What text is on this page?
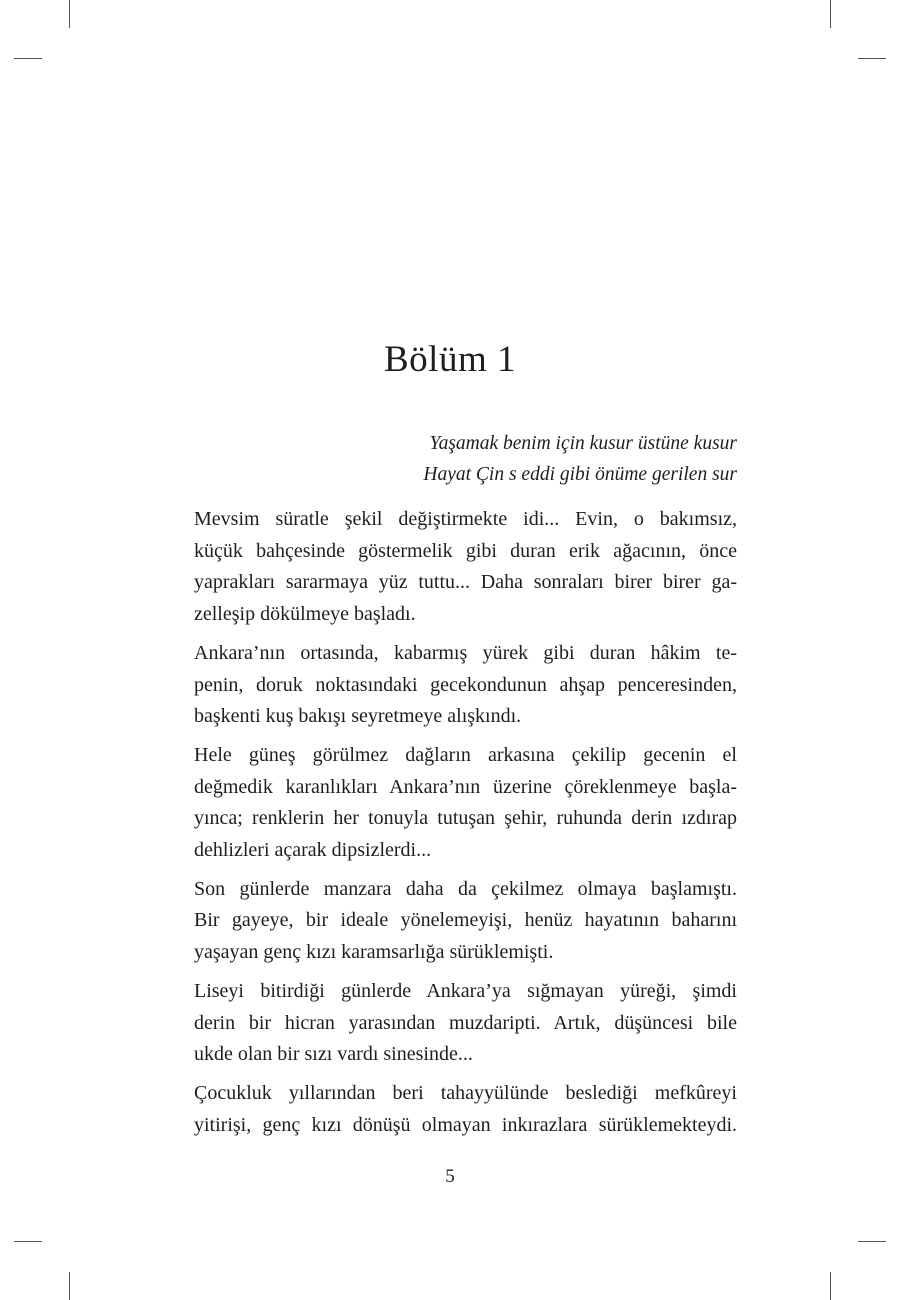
Bölüm 1
Yaşamak benim için kusur üstüne kusur
Hayat Çin s eddi gibi önüme gerilen sur

Mevsim süratle şekil değiştirmekte idi... Evin, o bakımsız,
küçük bahçesinde göstermelik gibi duran erik ağacının, önce
yaprakları sararmaya yüz tuttu... Daha sonraları birer birer ga-
zelleşip dökülmeye başladı.

Ankara’nın ortasında, kabarmış yürek gibi duran hâkim te-
penin, doruk noktasındaki gecekondunun ahşap penceresinden,
başkenti kuş bakışı seyretmeye alışkındı.

Hele güneş görülmez dağların arkasına çekilip gecenin el
değmedik karanlıkları Ankara’nın üzerine çöreklenmeye başla-
yınca; renklerin her tonuyla tutuşan şehir, ruhunda derin ızdırap
dehlizleri açarak dipsizlerdi...

Son günlerde manzara daha da çekilmez olmaya başlamıştı.
Bir gayeye, bir ideale yönelemeyişi, henüz hayatının baharını
yaşayan genç kızı karamsarlığa sürüklemişti.

Liseyi bitirdiği günlerde Ankara’ya sığmayan yüreği, şimdi
derin bir hicran yarasından muzdaripti. Artık, düşüncesi bile
ukde olan bir sızı vardı sinesinde...

Çocukluk yıllarından beri tahayyülünde beslediği mefkûreyi
yitirişi, genç kızı dönüşü olmayan inkırazlara sürüklemekteydi.

5
